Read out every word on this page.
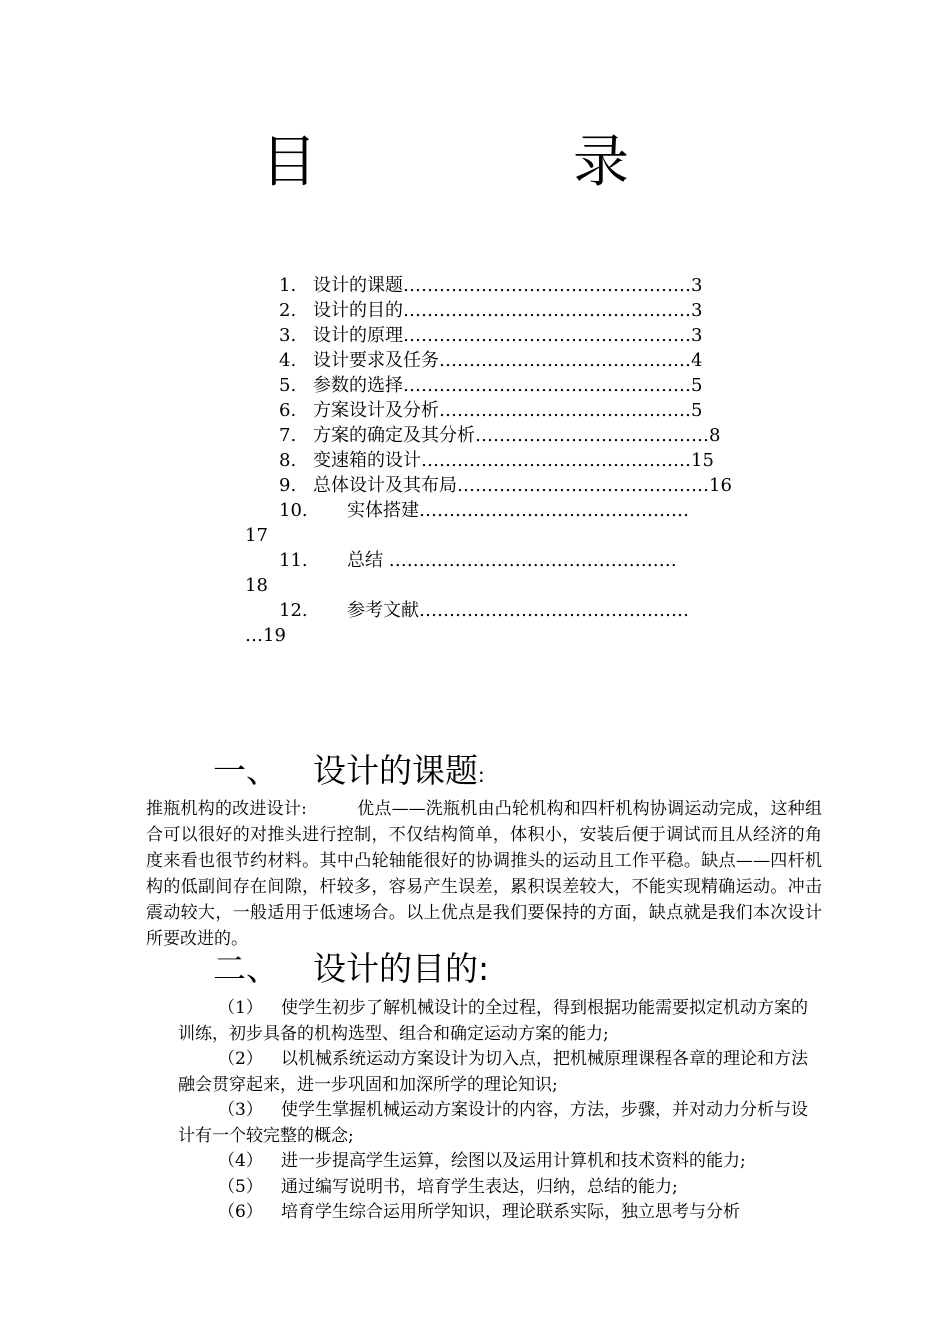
目　录
1. 设计的课题…………………………………………3
2. 设计的目的…………………………………………3
3. 设计的原理…………………………………………3
4. 设计要求及任务……………………………………4
5. 参数的选择…………………………………………5
6. 方案设计及分析……………………………………5
7. 方案的确定及其分析…………………………………8
8. 变速箱的设计………………………………………15
9. 总体设计及其布局……………………………………16
10. 实体搭建………………………………………
17
11. 总结 …………………………………………
18
12. 参考文献………………………………………
…19
一、 设计的课题:
推瓶机构的改进设计:	优点——洗瓶机由凸轮机构和四杆机构协调运动完成，这种组合可以很好的对推头进行控制，不仅结构简单，体积小，安装后便于调试而且从经济的角度来看也很节约材料。其中凸轮轴能很好的协调推头的运动且工作平稳。缺点——四杆机构的低副间存在间隙，杆较多，容易产生误差，累积误差较大，不能实现精确运动。冲击震动较大，一般适用于低速场合。以上优点是我们要保持的方面，缺点就是我们本次设计所要改进的。
二、 设计的目的:
（1） 使学生初步了解机械设计的全过程，得到根据功能需要拟定机动方案的训练，初步具备的机构选型、组合和确定运动方案的能力;
（2） 以机械系统运动方案设计为切入点，把机械原理课程各章的理论和方法融会贯穿起来，进一步巩固和加深所学的理论知识;
（3） 使学生掌握机械运动方案设计的内容，方法，步骤，并对动力分析与设计有一个较完整的概念;
（4） 进一步提高学生运算，绘图以及运用计算机和技术资料的能力;
（5） 通过编写说明书，培育学生表达，归纳，总结的能力;
（6） 培育学生综合运用所学知识，理论联系实际，独立思考与分析
